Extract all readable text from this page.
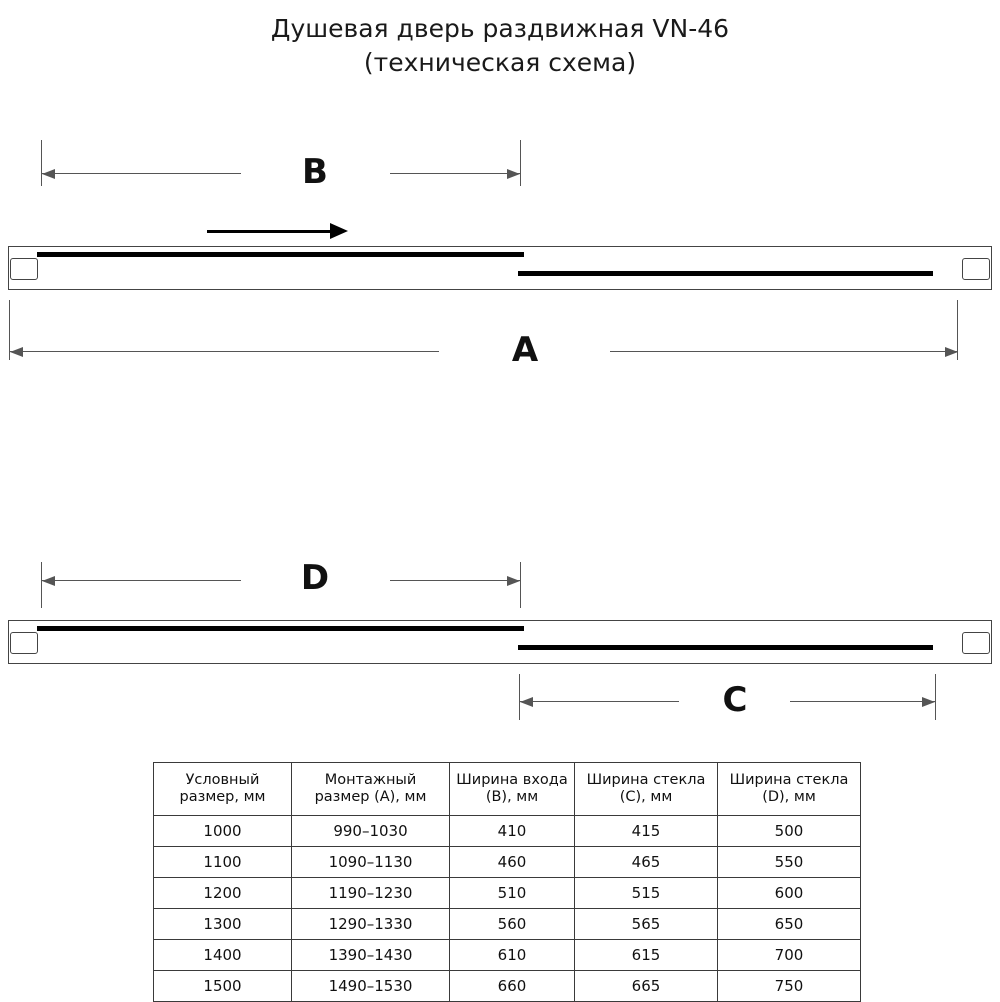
Душевая дверь раздвижная VN-46
(техническая схема)
B
A
D
C
Условный размер, мм	Монтажный размер (A), мм	Ширина входа (B), мм	Ширина стекла (C), мм	Ширина стекла (D), мм
1000	990–1030	410	415	500
1100	1090–1130	460	465	550
1200	1190–1230	510	515	600
1300	1290–1330	560	565	650
1400	1390–1430	610	615	700
1500	1490–1530	660	665	750
